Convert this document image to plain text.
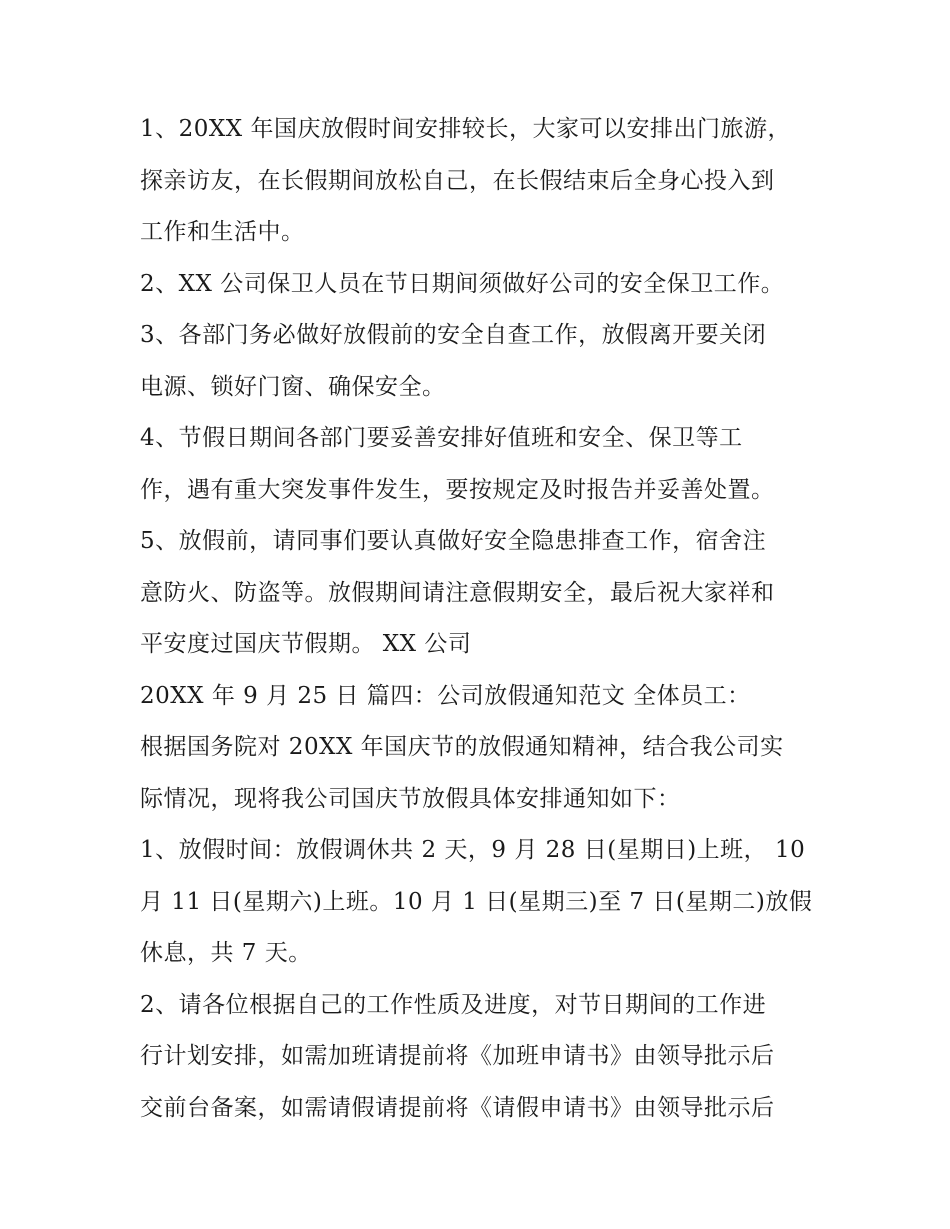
1、20XX 年国庆放假时间安排较长，大家可以安排出门旅游，
探亲访友，在长假期间放松自己，在长假结束后全身心投入到
工作和生活中。
2、XX 公司保卫人员在节日期间须做好公司的安全保卫工作。
3、各部门务必做好放假前的安全自查工作，放假离开要关闭
电源、锁好门窗、确保安全。
4、节假日期间各部门要妥善安排好值班和安全、保卫等工
作，遇有重大突发事件发生，要按规定及时报告并妥善处置。
5、放假前，请同事们要认真做好安全隐患排查工作，宿舍注
意防火、防盗等。放假期间请注意假期安全，最后祝大家祥和
平安度过国庆节假期。 XX 公司
20XX 年 9 月 25 日 篇四：公司放假通知范文 全体员工：
根据国务院对 20XX 年国庆节的放假通知精神，结合我公司实
际情况，现将我公司国庆节放假具体安排通知如下：
1、放假时间：放假调休共 2 天，9 月 28 日(星期日)上班， 10
月 11 日(星期六)上班。10 月 1 日(星期三)至 7 日(星期二)放假
休息，共 7 天。
2、请各位根据自己的工作性质及进度，对节日期间的工作进
行计划安排，如需加班请提前将《加班申请书》由领导批示后
交前台备案，如需请假请提前将《请假申请书》由领导批示后
